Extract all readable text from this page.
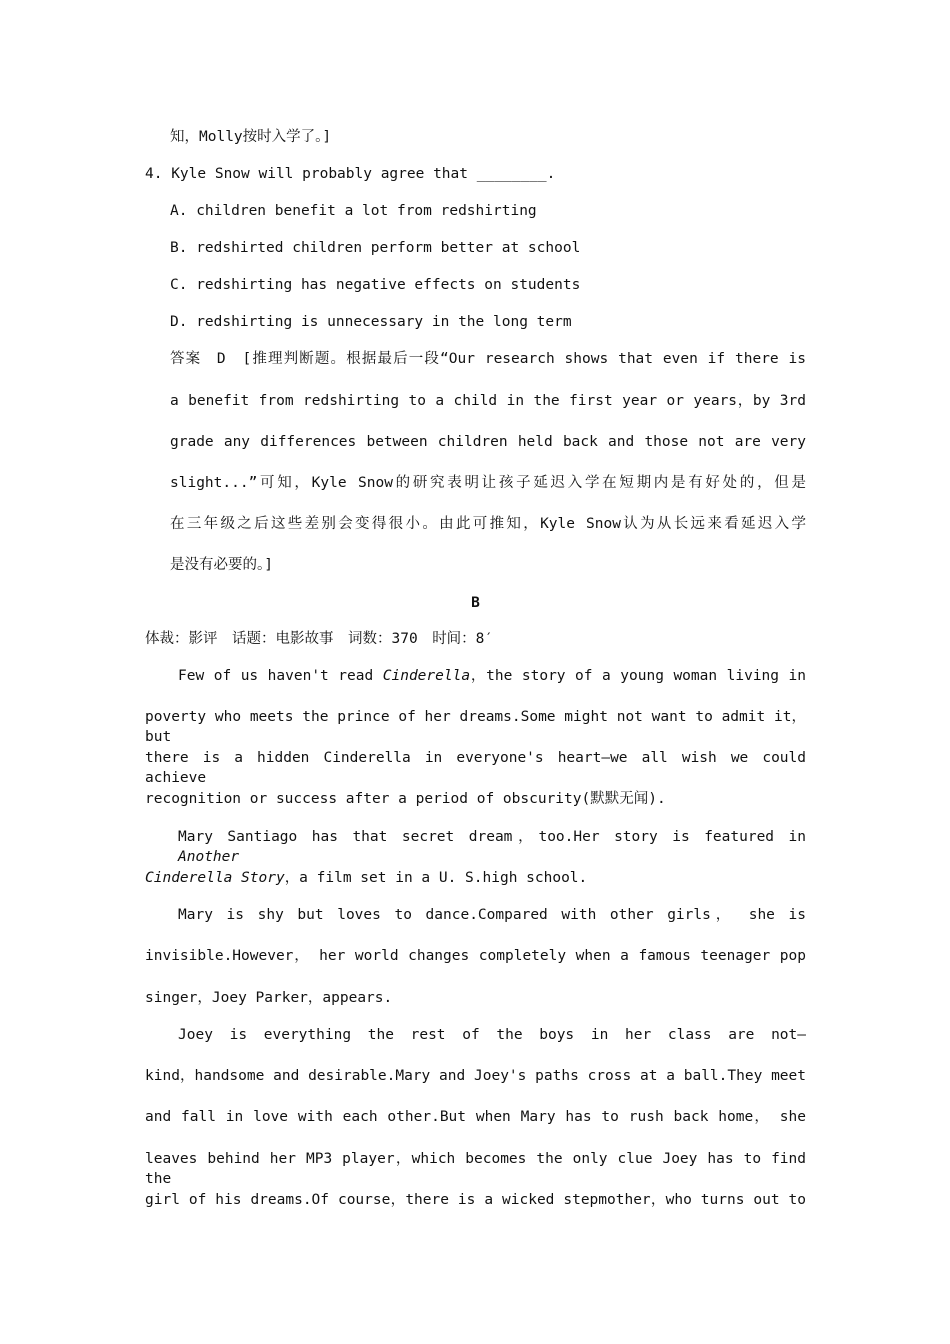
知，Molly按时入学了。]
4. Kyle Snow will probably agree that ________.
A. children benefit a lot from redshirting
B. redshirted children perform better at school
C. redshirting has negative effects on students
D. redshirting is unnecessary in the long term
答案　D　[推理判断题。根据最后一段“Our research shows that even if there is
a benefit from redshirting to a child in the first year or years，by 3rd
grade any differences between children held back and those not are very
slight...”可知，Kyle Snow的研究表明让孩子延迟入学在短期内是有好处的，但是
在三年级之后这些差别会变得很小。由此可推知，Kyle Snow认为从长远来看延迟入学
是没有必要的。]
B
体裁：影评　话题：电影故事　词数：370　时间：8′
Few of us haven't read Cinderella，the story of a young woman living in
poverty who meets the prince of her dreams.Some might not want to admit it，but
there is a hidden Cinderella in everyone's heart—we all wish we could achieve
recognition or success after a period of obscurity(默默无闻).
Mary Santiago has that secret dream，too.Her story is featured in Another
Cinderella Story，a film set in a U. S.high school.
Mary is shy but loves to dance.Compared with other girls， she is
invisible.However， her world changes completely when a famous teenager pop
singer，Joey Parker，appears.
Joey is everything the rest of the boys in her class are not—
kind，handsome and desirable.Mary and Joey's paths cross at a ball.They meet
and fall in love with each other.But when Mary has to rush back home， she
leaves behind her MP3 player，which becomes the only clue Joey has to find the
girl of his dreams.Of course，there is a wicked stepmother，who turns out to
